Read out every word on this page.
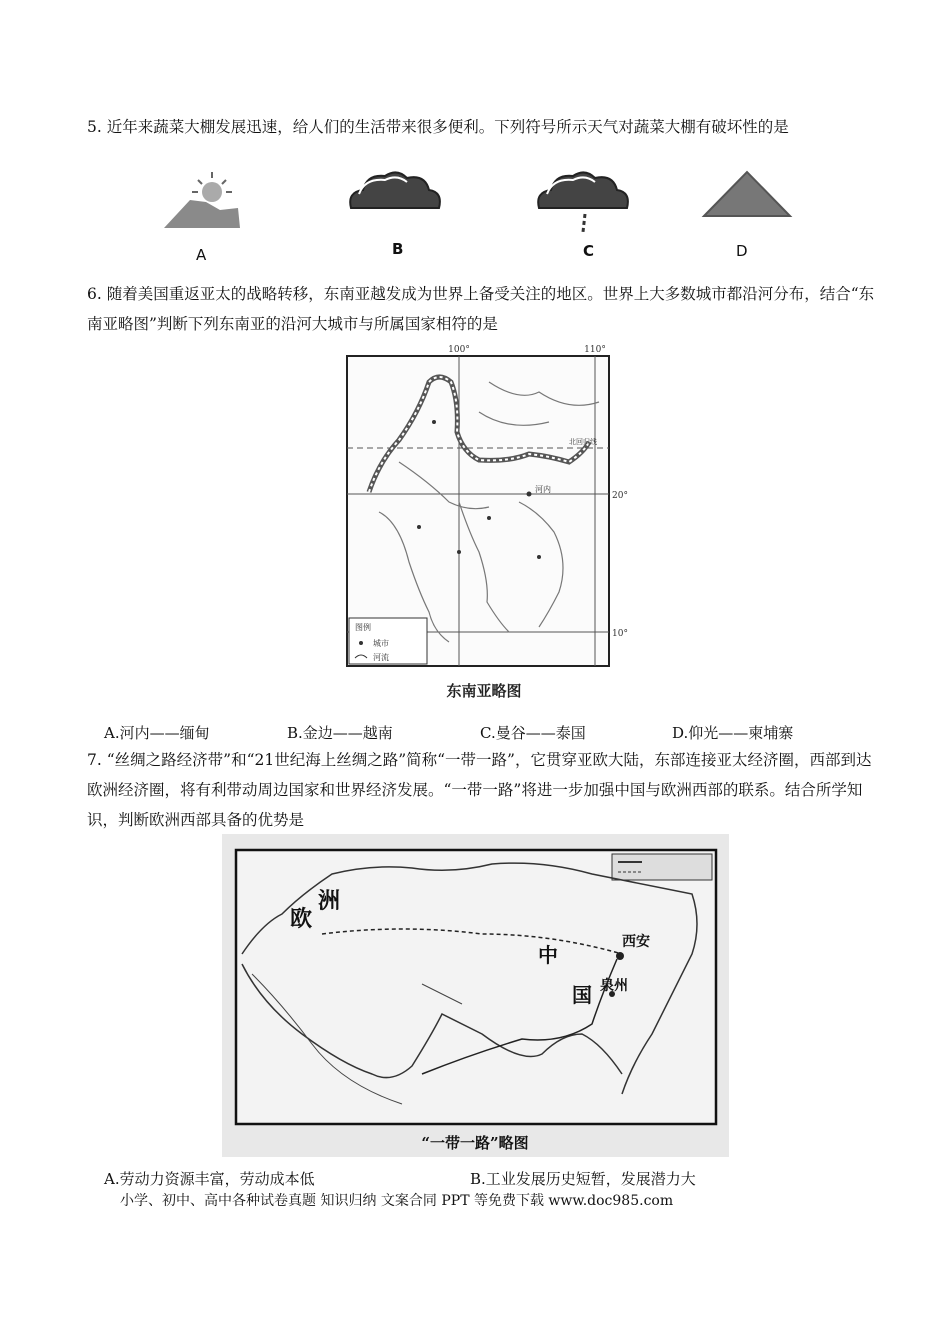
5. 近年来蔬菜大棚发展迅速，给人们的生活带来很多便利。下列符号所示天气对蔬菜大棚有破坏性的是
A	B	C	D
6. 随着美国重返亚太的战略转移，东南亚越发成为世界上备受关注的地区。世界上大多数城市都沿河分布，结合“东南亚略图”判断下列东南亚的沿河大城市与所属国家相符的是
100°	110°
20°
10°
北回归线
河内
图例
城市
河流
东南亚略图
A.河内——缅甸	B.金边——越南	C.曼谷——泰国	D.仰光——柬埔寨
7. “丝绸之路经济带”和“21世纪海上丝绸之路”简称“一带一路”，它贯穿亚欧大陆，东部连接亚太经济圈，西部到达欧洲经济圈，将有利带动周边国家和世界经济发展。“一带一路”将进一步加强中国与欧洲西部的联系。结合所学知识，判断欧洲西部具备的优势是
欧
洲
中
国
西安
泉州
“一带一路”略图
A.劳动力资源丰富，劳动成本低	B.工业发展历史短暂，发展潜力大
小学、初中、高中各种试卷真题 知识归纳 文案合同 PPT 等免费下载 www.doc985.com
